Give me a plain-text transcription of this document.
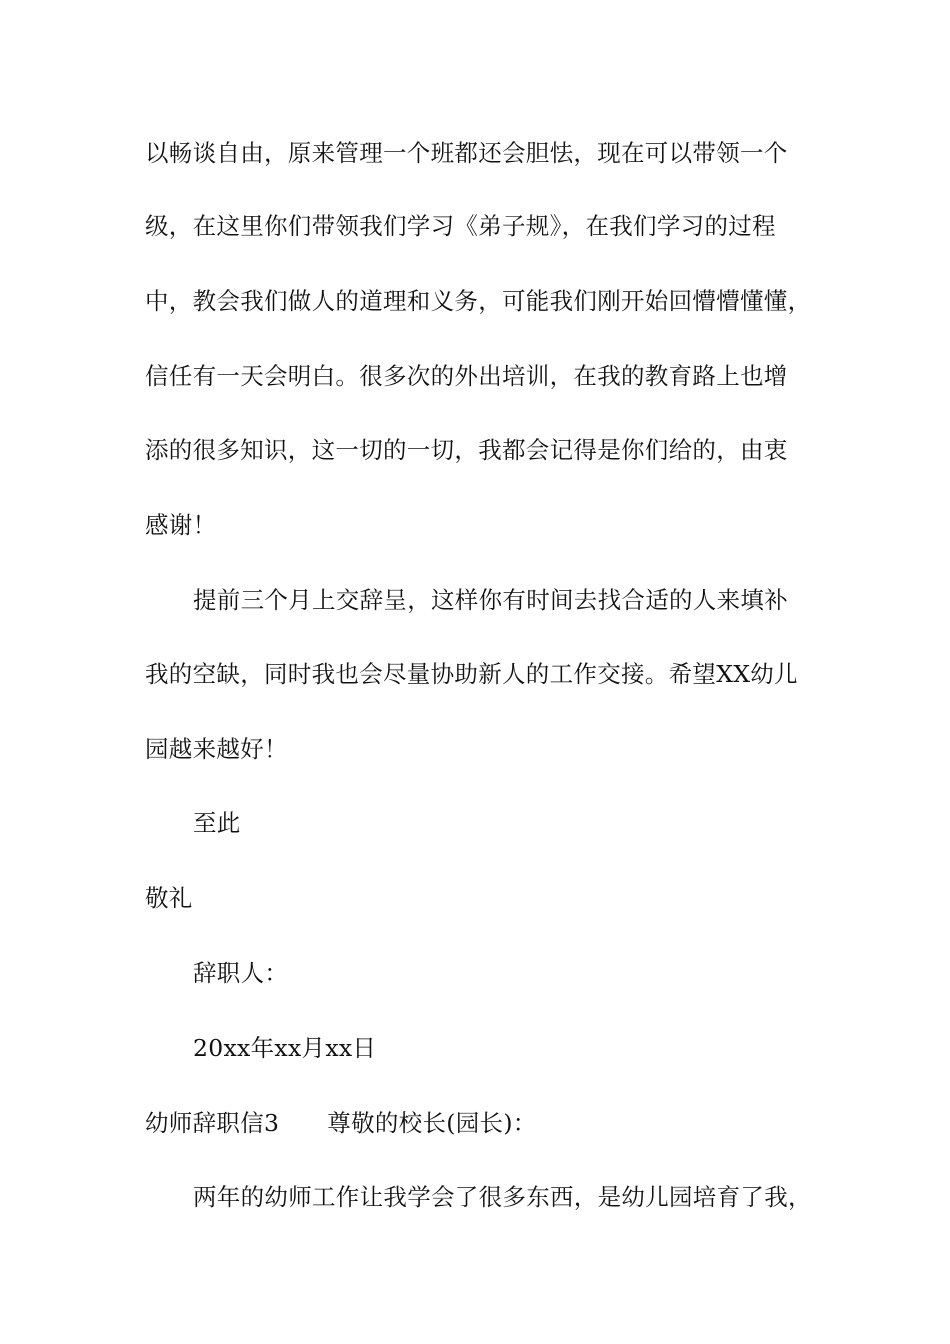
以畅谈自由，原来管理一个班都还会胆怯，现在可以带领一个
级，在这里你们带领我们学习《弟子规》，在我们学习的过程
中，教会我们做人的道理和义务，可能我们刚开始回懵懵懂懂，
信任有一天会明白。很多次的外出培训，在我的教育路上也增
添的很多知识，这一切的一切，我都会记得是你们给的，由衷
感谢！
提前三个月上交辞呈，这样你有时间去找合适的人来填补
我的空缺，同时我也会尽量协助新人的工作交接。希望XX幼儿
园越来越好！
至此
敬礼
辞职人：
20xx年xx月xx日
幼师辞职信3 尊敬的校长(园长)：
两年的幼师工作让我学会了很多东西，是幼儿园培育了我，
